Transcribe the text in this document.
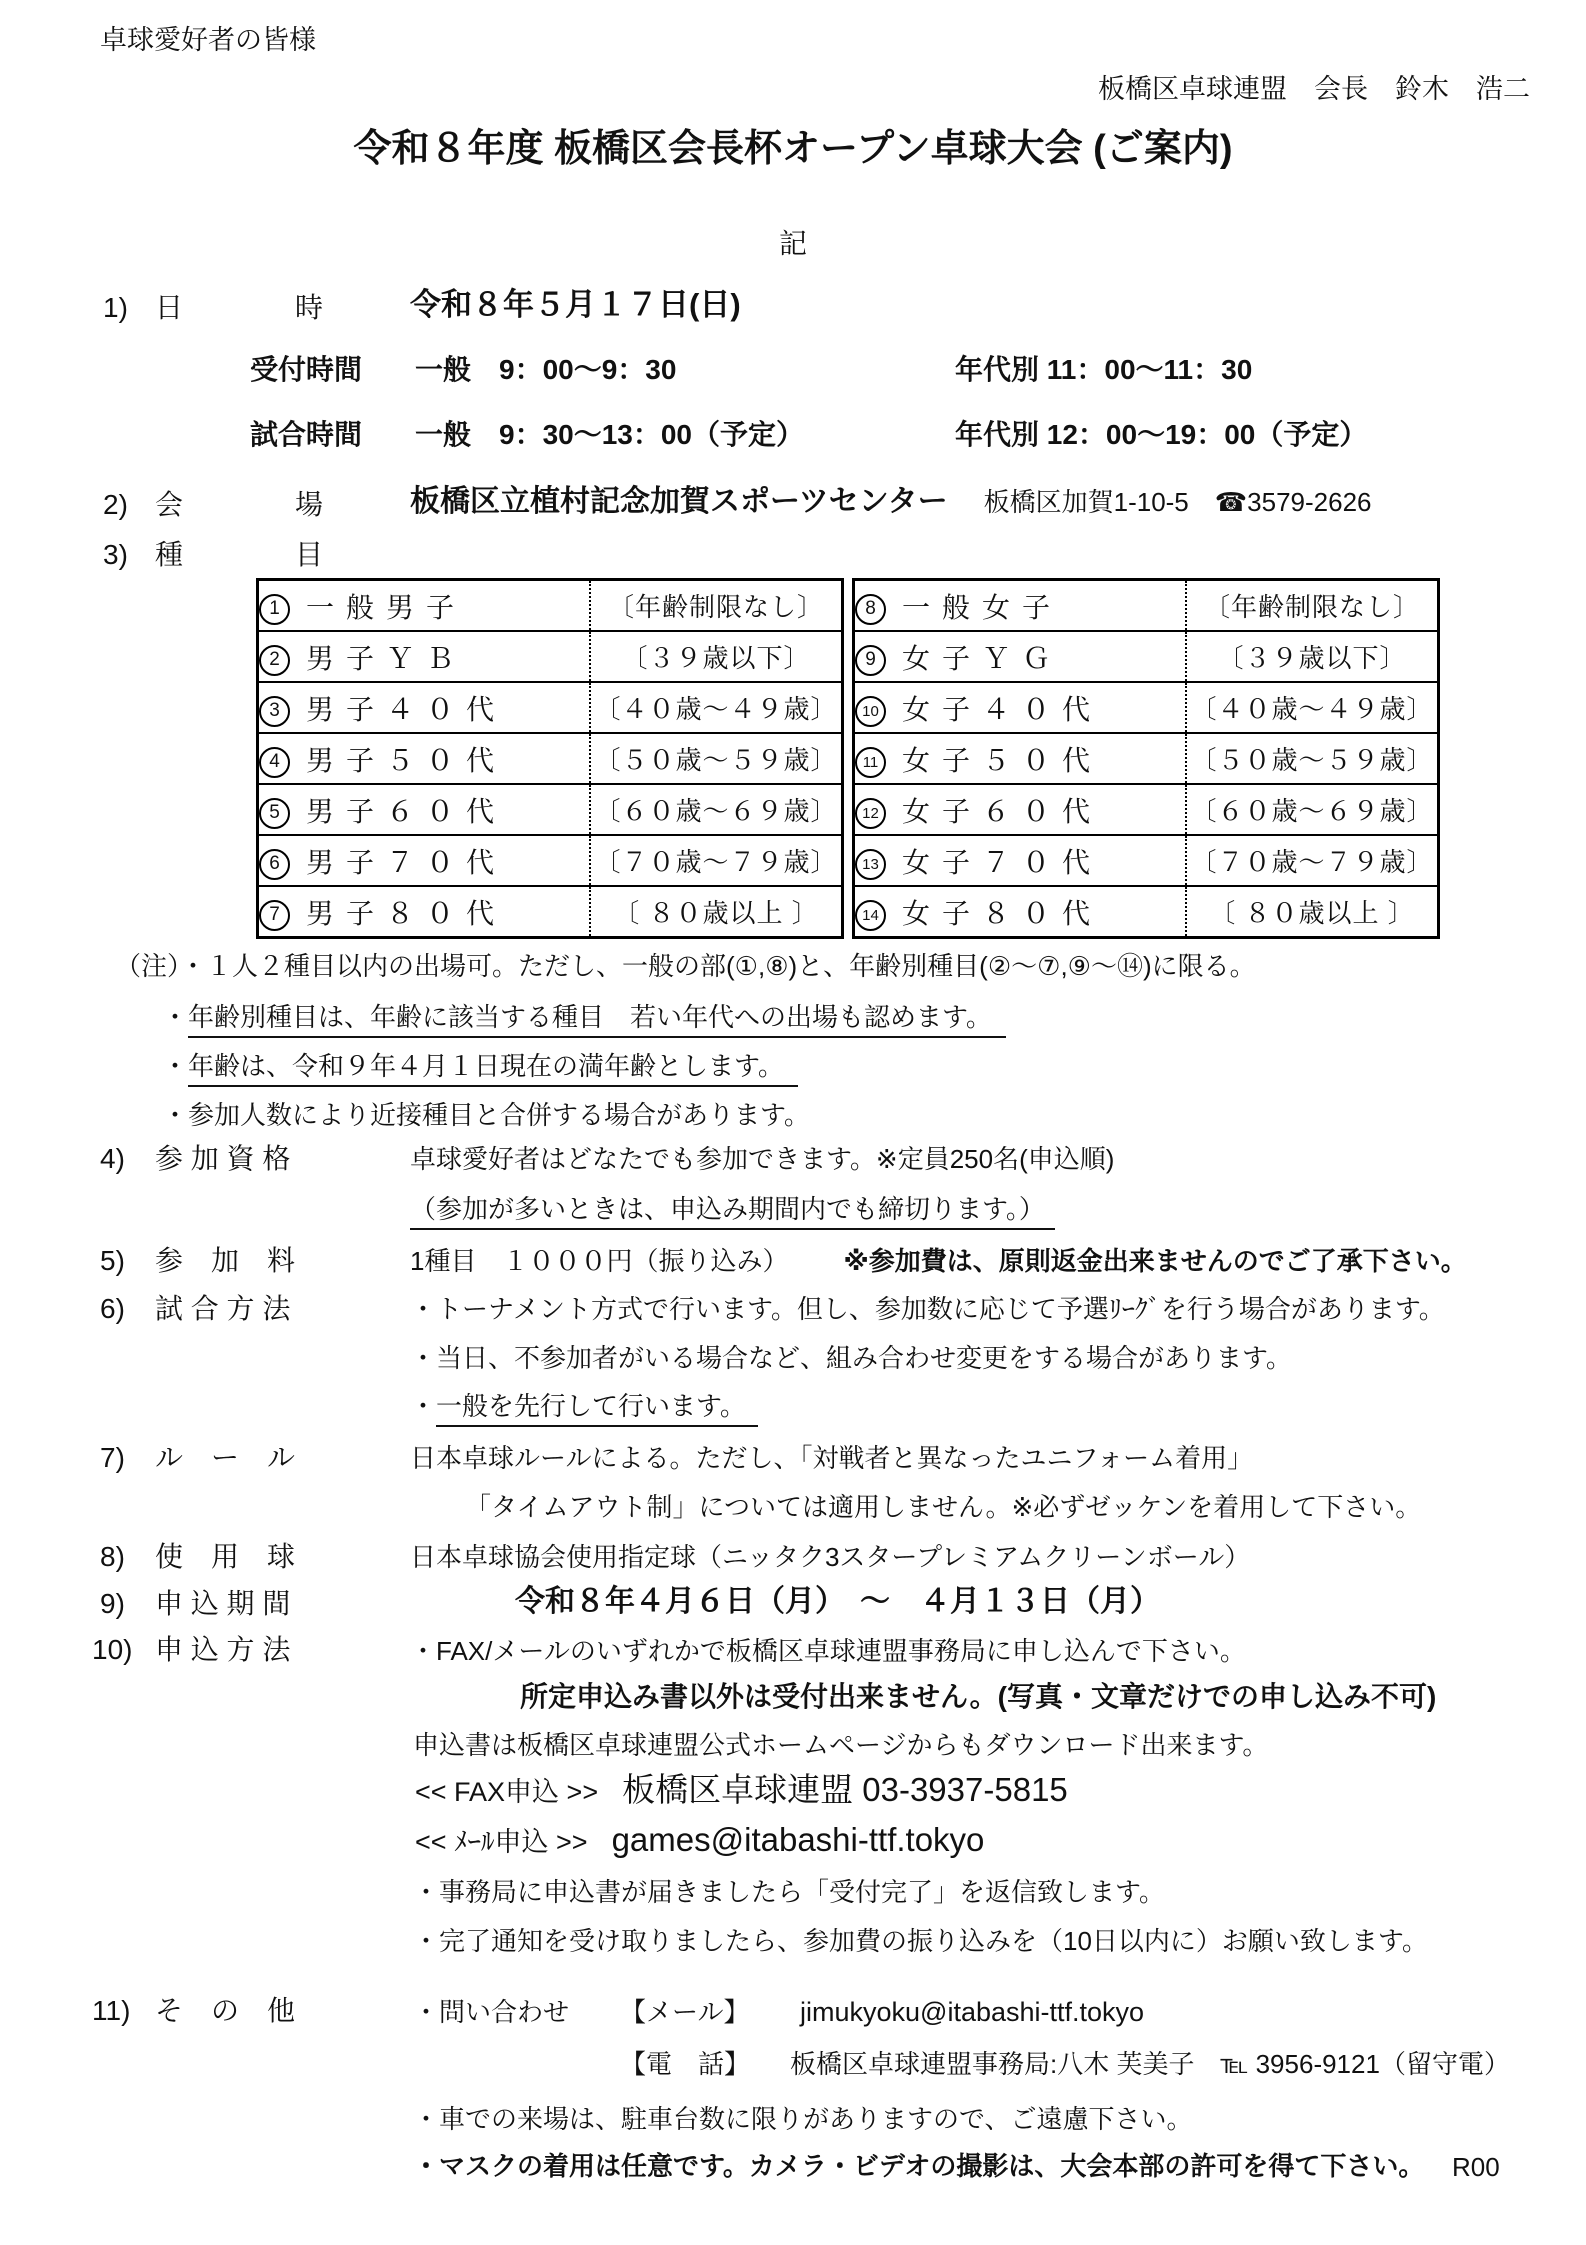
卓球愛好者の皆様
板橋区卓球連盟　会長　鈴木　浩二
令和８年度 板橋区会長杯オープン卓球大会 (ご案内)
記
1) 日　　　　時	令和８年５月１７日(日)
受付時間 一般　9：00～9：30	年代別 11：00～11：30
試合時間 一般　9：30～13：00（予定）	年代別 12：00～19：00（予定）
2) 会　　　　場	板橋区立植村記念加賀スポーツセンター 板橋区加賀1-10-5　☎3579-2626
3) 種　　　　目
1 一般男子	〔年齢制限なし〕
2 男子ＹＢ	〔３９歳以下〕
3 男子４０代	〔４０歳～４９歳〕
4 男子５０代	〔５０歳～５９歳〕
5 男子６０代	〔６０歳～６９歳〕
6 男子７０代	〔７０歳～７９歳〕
7 男子８０代	〔 ８０歳以上 〕
8 一般女子	〔年齢制限なし〕
9 女子ＹＧ	〔３９歳以下〕
10 女子４０代	〔４０歳～４９歳〕
11 女子５０代	〔５０歳～５９歳〕
12 女子６０代	〔６０歳～６９歳〕
13 女子７０代	〔７０歳～７９歳〕
14 女子８０代	〔 ８０歳以上 〕
（注）・１人２種目以内の出場可。ただし、一般の部(①,⑧)と、年齢別種目(②～⑦,⑨～⑭)に限る。
・年齢別種目は、年齢に該当する種目　若い年代への出場も認めます。
・年齢は、令和９年４月１日現在の満年齢とします。
・参加人数により近接種目と合併する場合があります。
4) 参 加 資 格	卓球愛好者はどなたでも参加できます。※定員250名(申込順)
（参加が多いときは、申込み期間内でも締切ります。）
5) 参　加　料	1種目　１０００円（振り込み） ※参加費は、原則返金出来ませんのでご了承下さい。
6) 試 合 方 法	・トーナメント方式で行います。但し、参加数に応じて予選ﾘｰｸﾞを行う場合があります。
・当日、不参加者がいる場合など、組み合わせ変更をする場合があります。
・一般を先行して行います。
7) ル　ー　ル	日本卓球ルールによる。ただし、「対戦者と異なったユニフォーム着用」
「タイムアウト制」については適用しません。※必ずゼッケンを着用して下さい。
8) 使　用　球	日本卓球協会使用指定球（ニッタク3スタープレミアムクリーンボール）
9) 申 込 期 間	令和８年４月６日（月）　～　４月１３日（月）
10) 申 込 方 法	・FAX/メールのいずれかで板橋区卓球連盟事務局に申し込んで下さい。
所定申込み書以外は受付出来ません。(写真・文章だけでの申し込み不可)
申込書は板橋区卓球連盟公式ホームページからもダウンロード出来ます。
<< FAX申込 >> 板橋区卓球連盟 03-3937-5815
<< ﾒｰﾙ申込 >> games@itabashi-ttf.tokyo
・事務局に申込書が届きましたら「受付完了」を返信致します。
・完了通知を受け取りましたら、参加費の振り込みを（10日以内に）お願い致します。
11) そ　の　他	・問い合わせ 【メール】 jimukyoku@itabashi-ttf.tokyo
【電　話】 板橋区卓球連盟事務局:八木 芙美子　℡ 3956-9121（留守電）
・車での来場は、駐車台数に限りがありますので、ご遠慮下さい。
・マスクの着用は任意です。カメラ・ビデオの撮影は、大会本部の許可を得て下さい。 R00
